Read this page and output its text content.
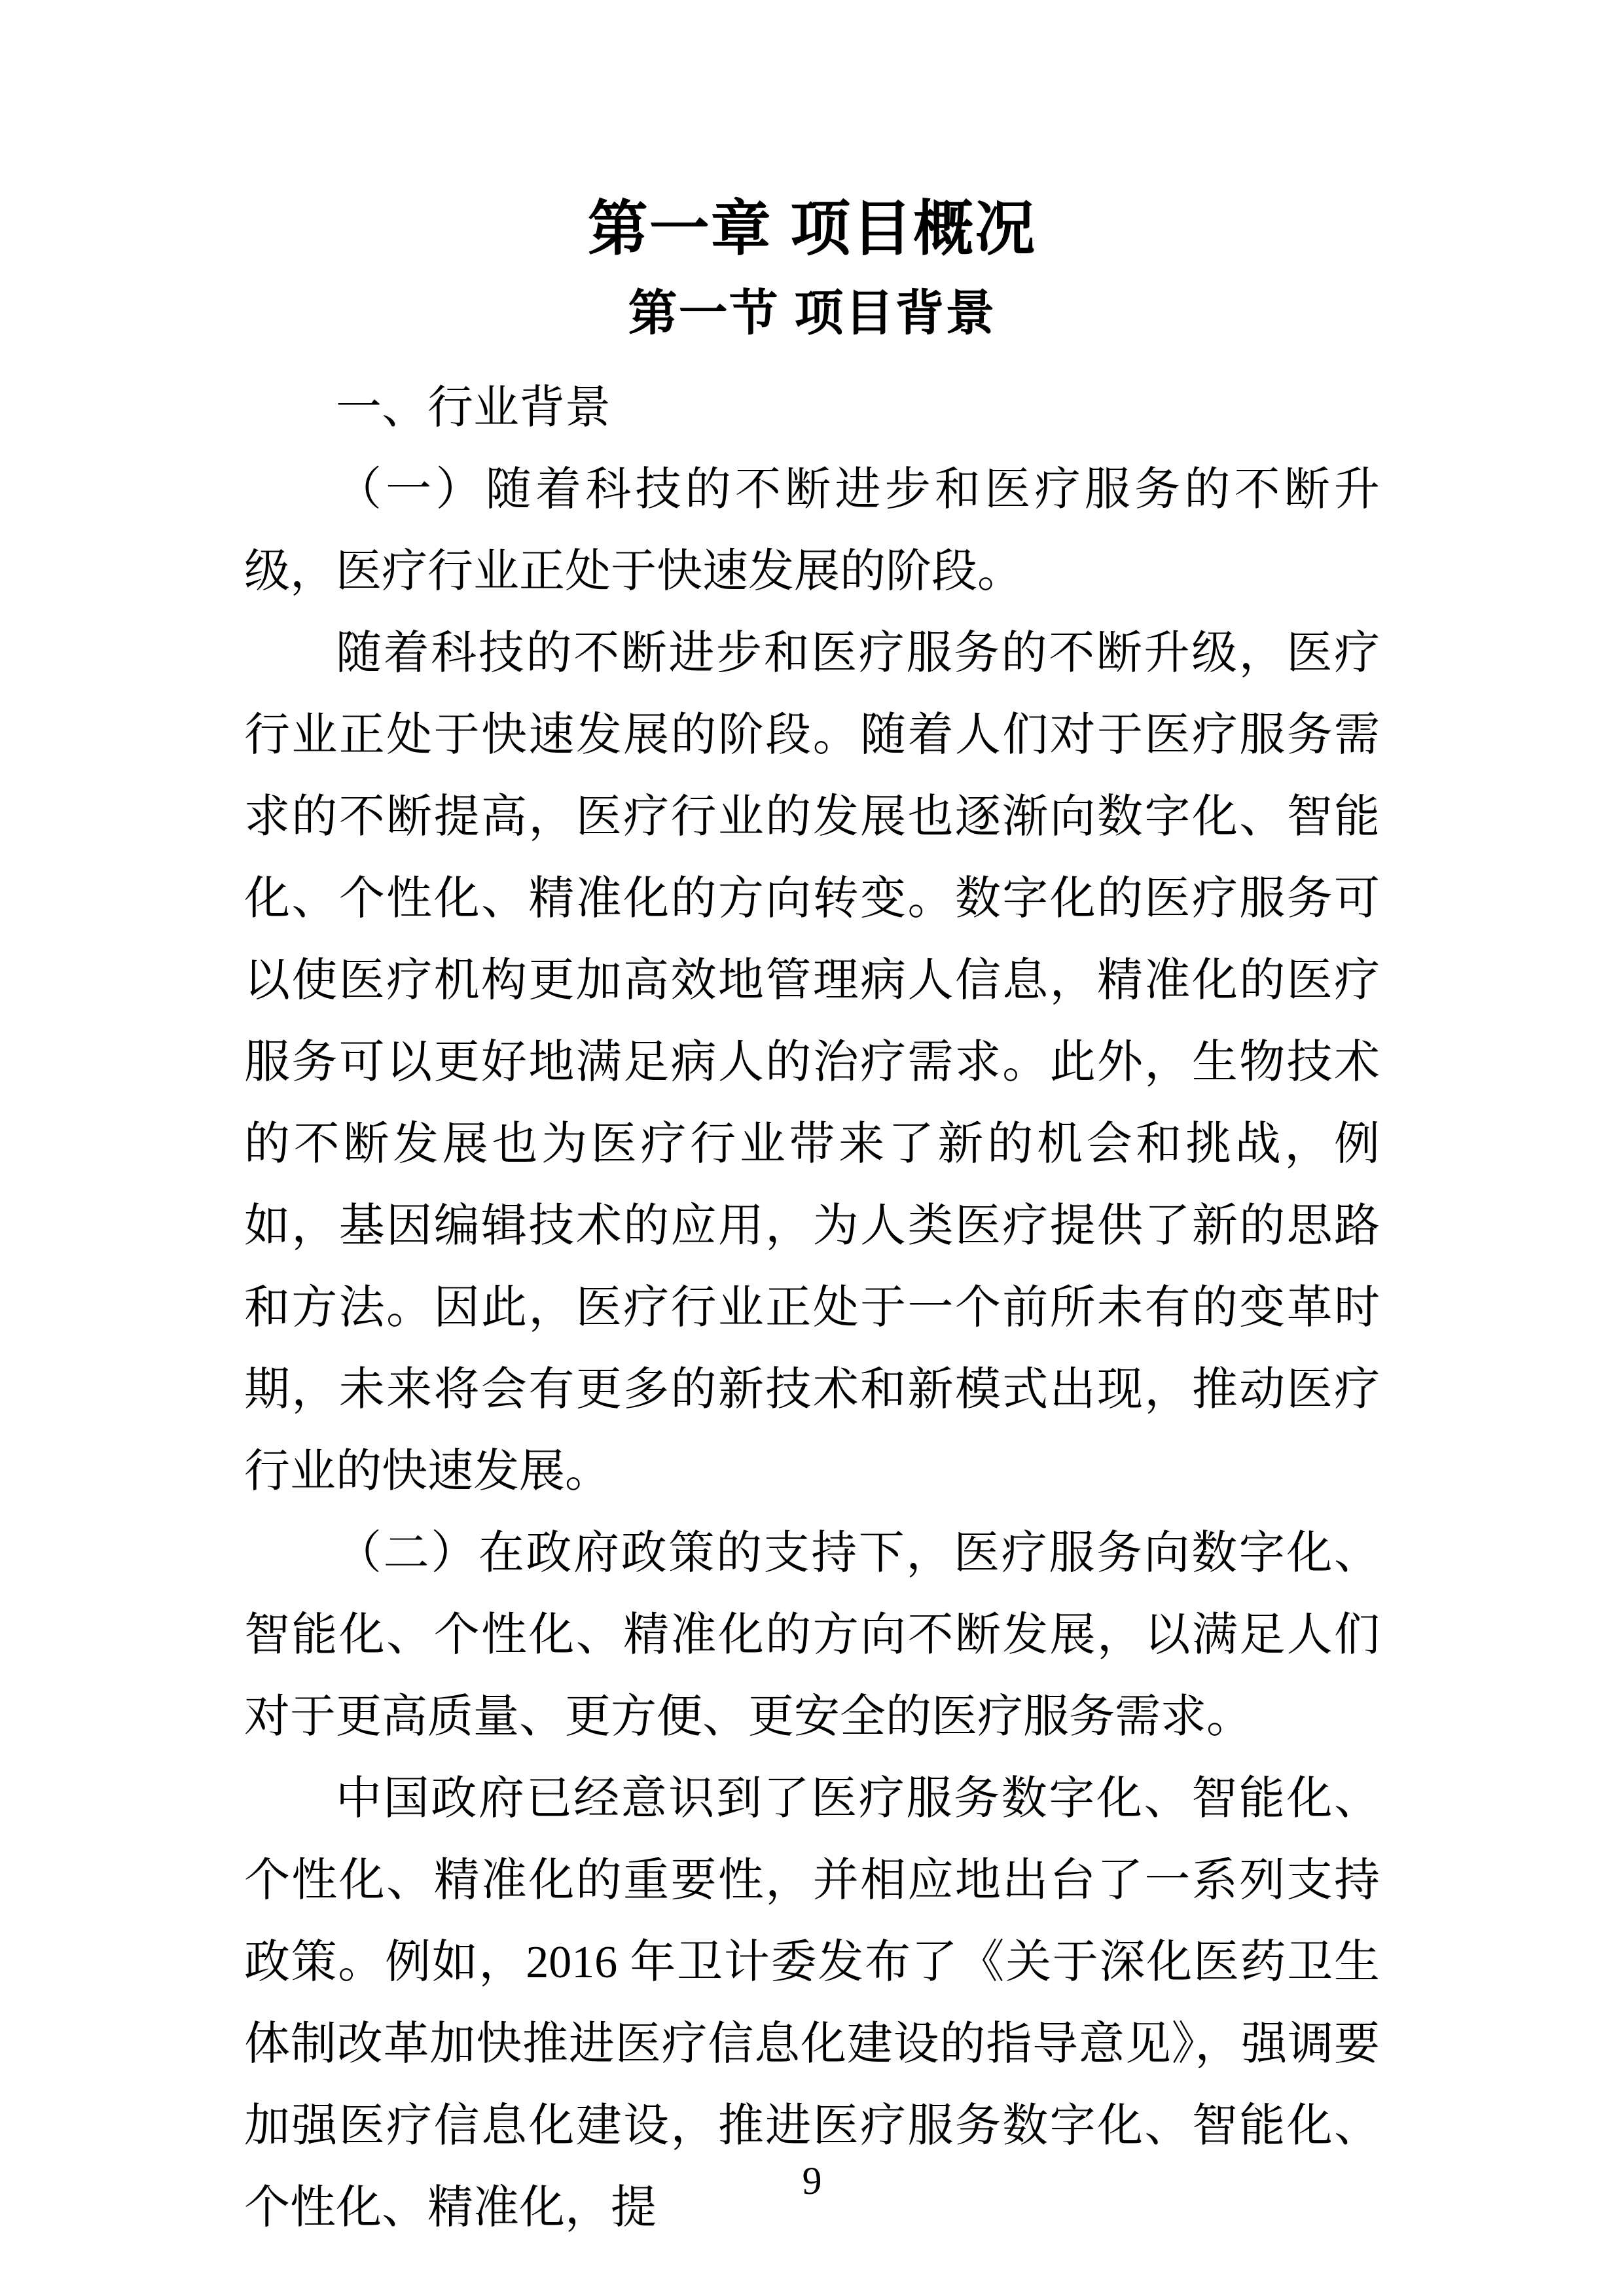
第一章 项目概况
第一节 项目背景

一、行业背景

（一）随着科技的不断进步和医疗服务的不断升级，医疗行业正处于快速发展的阶段。

随着科技的不断进步和医疗服务的不断升级，医疗行业正处于快速发展的阶段。随着人们对于医疗服务需求的不断提高，医疗行业的发展也逐渐向数字化、智能化、个性化、精准化的方向转变。数字化的医疗服务可以使医疗机构更加高效地管理病人信息，精准化的医疗服务可以更好地满足病人的治疗需求。此外，生物技术的不断发展也为医疗行业带来了新的机会和挑战，例如，基因编辑技术的应用，为人类医疗提供了新的思路和方法。因此，医疗行业正处于一个前所未有的变革时期，未来将会有更多的新技术和新模式出现，推动医疗行业的快速发展。

（二）在政府政策的支持下，医疗服务向数字化、智能化、个性化、精准化的方向不断发展，以满足人们对于更高质量、更方便、更安全的医疗服务需求。

中国政府已经意识到了医疗服务数字化、智能化、个性化、精准化的重要性，并相应地出台了一系列支持政策。例如，2016 年卫计委发布了《关于深化医药卫生体制改革加快推进医疗信息化建设的指导意见》，强调要加强医疗信息化建设，推进医疗服务数字化、智能化、个性化、精准化，提

9
